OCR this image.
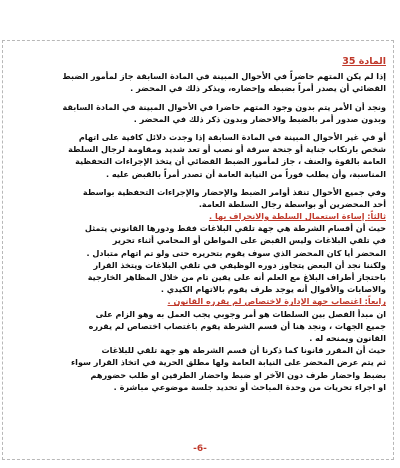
المادة 35
إذا لم يكن المتهم حاضراً في الأحوال المبينة في المادة السابقة جاز لمأمور الضبط
القضائي أن يصدر أمراً بضبطه وإحضاره، ويذكر ذلك في المحضر .
ونجد أن الأمر يتم بدون وجود المتهم حاضرا في الأحوال المبينة في المادة السابقة
وبدون صدور أمر بالضبط والاحضار وبدون ذكر ذلك في المحضر .
أو في غير الأحوال المبينة في المادة السابقة إذا وجدت دلائل كافية على اتهام
شخص بارتكاب جناية أو جنحة سرقة أو نصب أو تعد شديد ومقاومة لرجال السلطة
العامة بالقوة والعنف ، جاز لمأمور الضبط القضائي أن يتخذ الإجراءات التحفظية
المناسبة، وأن يطلب فوراً من النيابة العامة أن تصدر أمراً بالقبض عليه .
وفي جميع الأحوال تنفذ أوامر الضبط والإحضار والإجراءات التحفظية بواسطة
أحد المحضرين أو بواسطة رجال السلطة العامة.
ثالثاً: إساءة استعمال السلطة والانحراف بها .
حيث أن أقسام الشرطة هي جهة تلقي البلاغات فقط ودورها القانوني يتمثل
في تلقي البلاغات وليس القبض على المواطن أو المحامي أثناء تحرير
المحضر أيا كان المحضر الذي سوف يقوم بتحريره حتى ولو تم اتهام متبادل .
ولكننا نجد أن البعض يتجاوز دوره الوظيفي في تلقي البلاغات ويتخذ القرار
باحتجاز أطراف البلاغ مع العلم أنه على يقين تام من خلال المظاهر الخارجية
والاصابات والأقوال أنه يوجد طرف يقوم بالاتهام الكيدي .
رابعاً: اغتصاب جهة الإدارة لاختصاص لم يقرره القانون .
ان مبدأ الفصل بين السلطات هو أمر وجوبي يجب العمل به وهو الزام على
جميع الجهات ، ونجد هنا أن قسم الشرطة يقوم باغتصاب اختصاص لم يقرره
القانون ويمنحه له .
حيث أن المقرر قانونا كما ذكرنا أن قسم الشرطة هو جهة تلقي للبلاغات
ثم يتم عرض المحضر على النيابة العامة ولها مطلق الحرية في اتخاذ القرار سواء
بضبط واحضار طرف دون الآخر او ضبط واحضار الطرفين او طلب حضورهم
او اجراء تحريات من وحدة المباحث أو تحديد جلسة موضوعي مباشرة .
-6-
